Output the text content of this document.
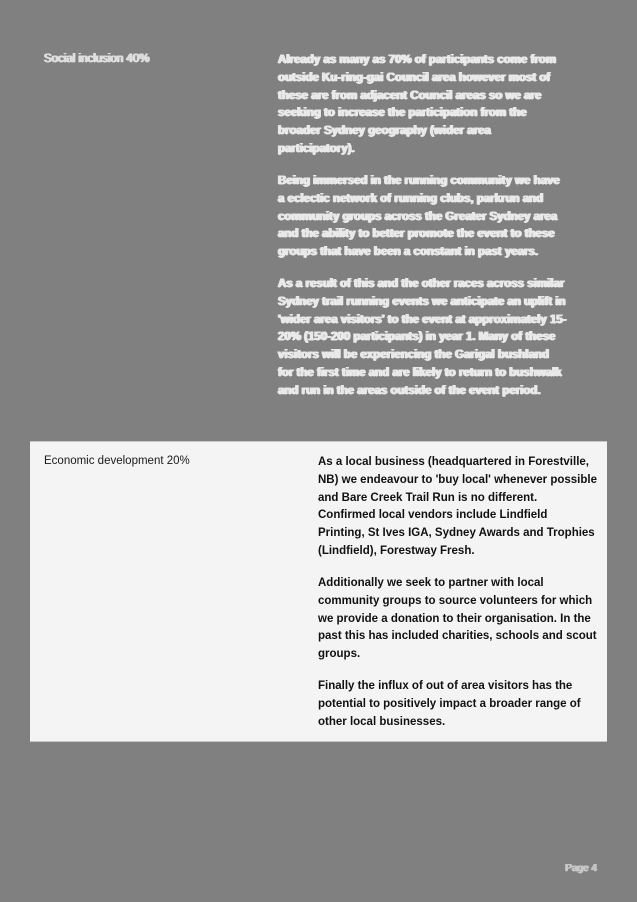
Social inclusion 40%	Already as many as 70% of participants come from outside Ku-ring-gai Council area however most of these are from adjacent Council areas so we are seeking to increase the participation from the broader Sydney geography (wider area participatory).

Being immersed in the running community we have a eclectic network of running clubs, parkrun and community groups across the Greater Sydney area and the ability to better promote the event to these groups that have been a constant in past years.

As a result of this and the other races across similar Sydney trail running events we anticipate an uplift in 'wider area visitors' to the event at approximately 15-20% (150-200 participants) in year 1. Many of these visitors will be experiencing the Garigal bushland for the first time and are likely to return to bushwalk and run in the areas outside of the event period.

Economic development 20%	As a local business (headquartered in Forestville, NB) we endeavour to 'buy local' whenever possible and Bare Creek Trail Run is no different. Confirmed local vendors include Lindfield Printing, St Ives IGA, Sydney Awards and Trophies (Lindfield), Forestway Fresh.

Additionally we seek to partner with local community groups to source volunteers for which we provide a donation to their organisation. In the past this has included charities, schools and scout groups.

Finally the influx of out of area visitors has the potential to positively impact a broader range of other local businesses.

Page 4
